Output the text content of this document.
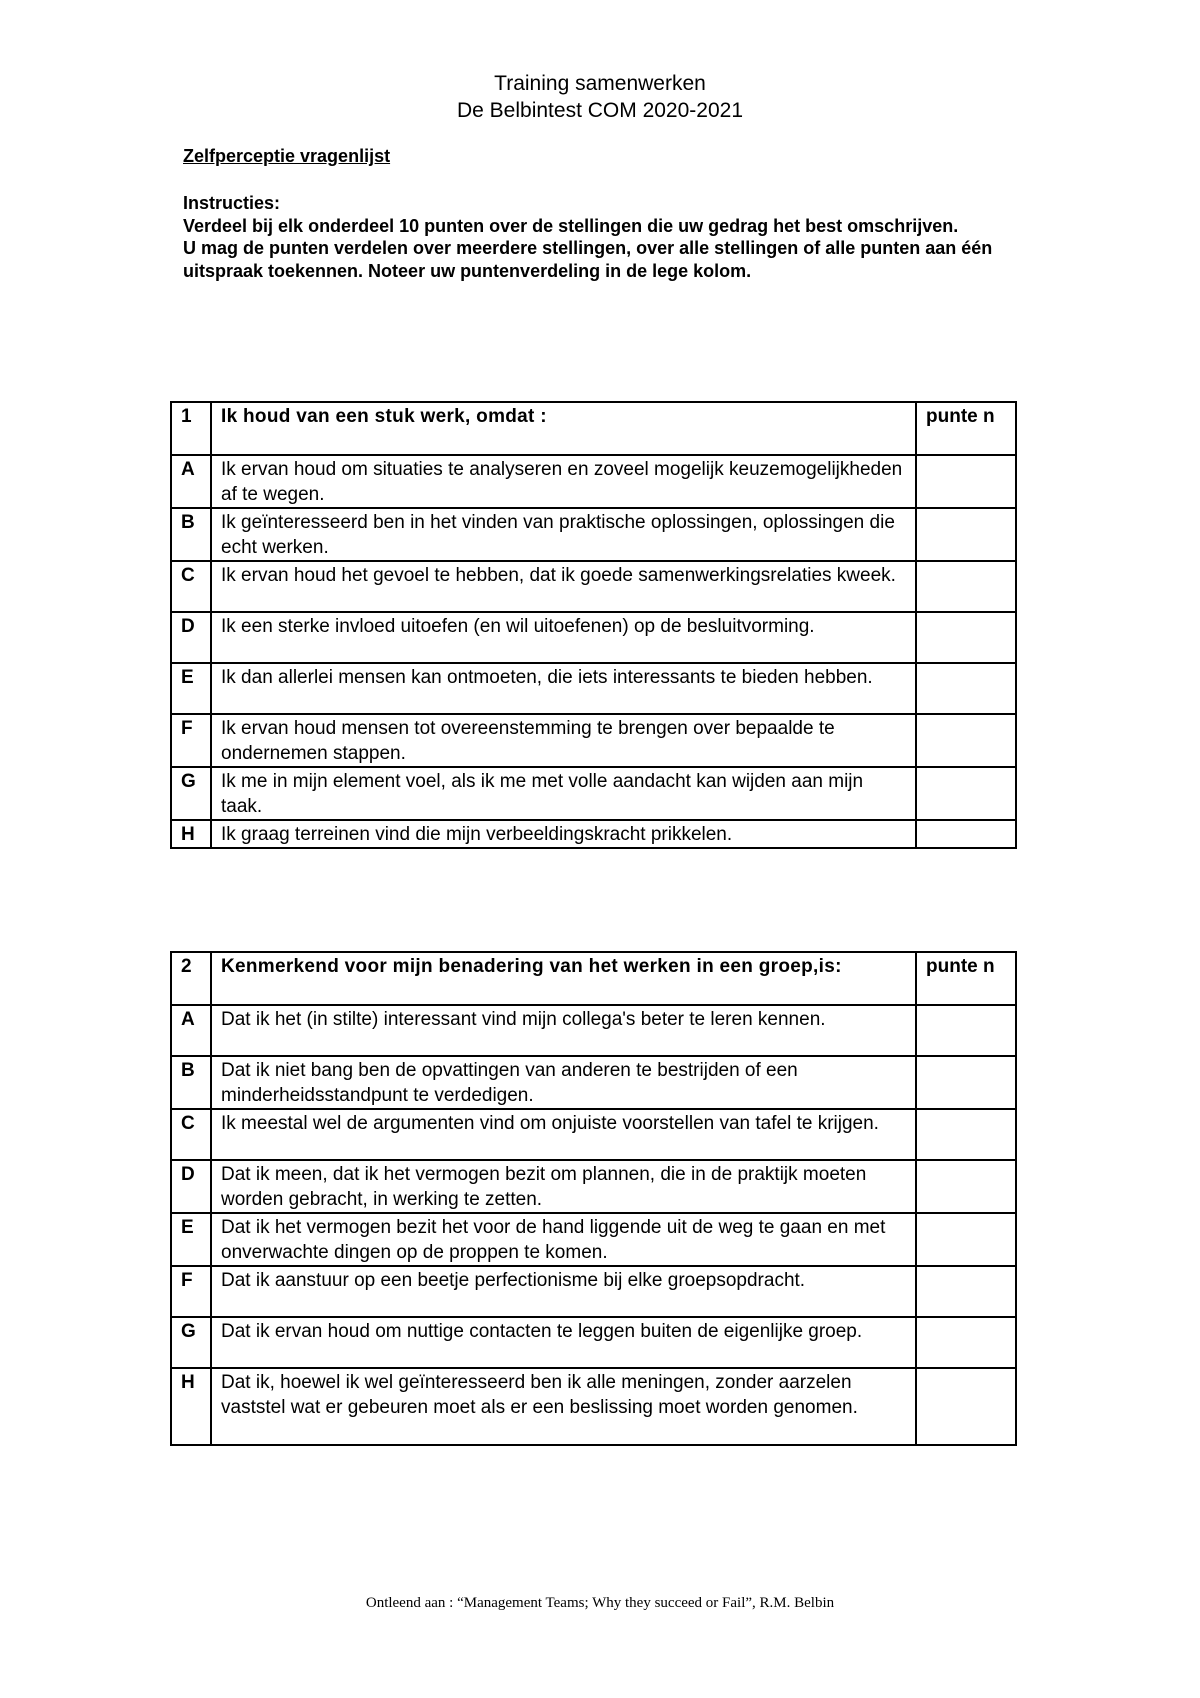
Training samenwerken
De Belbintest COM 2020-2021
Zelfperceptie vragenlijst
Instructies:
Verdeel bij elk onderdeel 10 punten over de stellingen die uw gedrag het best omschrijven.
U mag de punten verdelen over meerdere stellingen, over alle stellingen of alle punten aan één uitspraak toekennen. Noteer uw puntenverdeling in de lege kolom.
1	Ik houd van een stuk werk, omdat :	punte n
A	Ik ervan houd om situaties te analyseren en zoveel mogelijk keuzemogelijkheden af te wegen.	
B	Ik geïnteresseerd ben in het vinden van praktische oplossingen, oplossingen die echt werken.	
C	Ik ervan houd het gevoel te hebben, dat ik goede samenwerkingsrelaties kweek.	
D	Ik een sterke invloed uitoefen (en wil uitoefenen) op de besluitvorming.	
E	Ik dan allerlei mensen kan ontmoeten, die iets interessants te bieden hebben.	
F	Ik ervan houd mensen tot overeenstemming te brengen over bepaalde te ondernemen stappen.	
G	Ik me in mijn element voel, als ik me met volle aandacht kan wijden aan mijn taak.	
H	Ik graag terreinen vind die mijn verbeeldingskracht prikkelen.	
2	Kenmerkend voor mijn benadering van het werken in een groep,is:	punte n
A	Dat ik het (in stilte) interessant vind mijn collega's beter te leren kennen.	
B	Dat ik niet bang ben de opvattingen van anderen te bestrijden of een minderheidsstandpunt te verdedigen.	
C	Ik meestal wel de argumenten vind om onjuiste voorstellen van tafel te krijgen.	
D	Dat ik meen, dat ik het vermogen bezit om plannen, die in de praktijk moeten worden gebracht, in werking te zetten.	
E	Dat ik het vermogen bezit het voor de hand liggende uit de weg te gaan en met onverwachte dingen op de proppen te komen.	
F	Dat ik aanstuur op een beetje perfectionisme bij elke groepsopdracht.	
G	Dat ik ervan houd om nuttige contacten te leggen buiten de eigenlijke groep.	
H	Dat ik, hoewel ik wel geïnteresseerd ben ik alle meningen, zonder aarzelen vaststel wat er gebeuren moet als er een beslissing moet worden genomen.	
Ontleend aan : “Management Teams; Why they succeed or Fail”, R.M. Belbin
